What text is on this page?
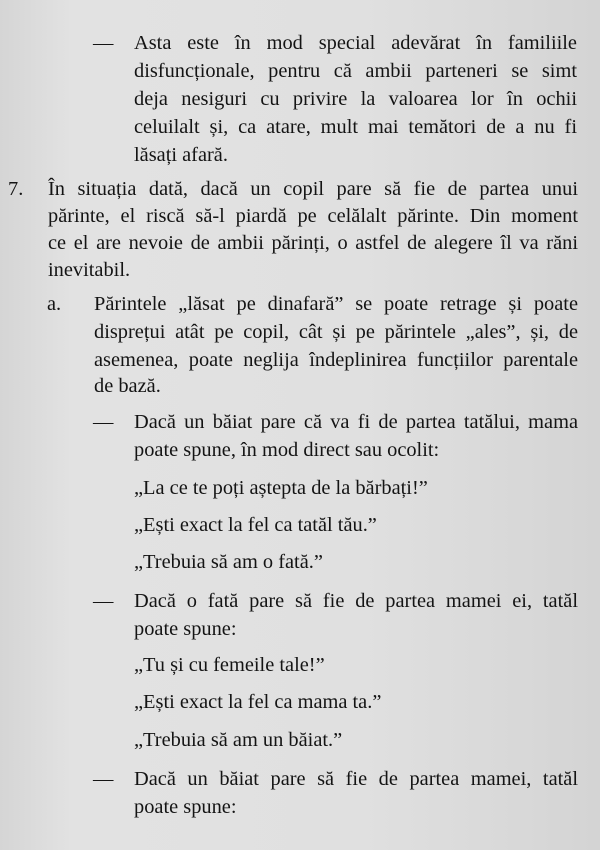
— Asta este în mod special adevărat în familiile
disfuncționale, pentru că ambii parteneri se simt
deja nesiguri cu privire la valoarea lor în ochii
celuilalt și, ca atare, mult mai temători de a nu fi
lăsați afară.
7. În situația dată, dacă un copil pare să fie de partea unui
părinte, el riscă să-l piardă pe celălalt părinte. Din moment
ce el are nevoie de ambii părinți, o astfel de alegere îl va răni
inevitabil.
a. Părintele „lăsat pe dinafară” se poate retrage și poate
disprețui atât pe copil, cât și pe părintele „ales”, și, de
asemenea, poate neglija îndeplinirea funcțiilor parentale
de bază.
— Dacă un băiat pare că va fi de partea tatălui, mama
poate spune, în mod direct sau ocolit:
„La ce te poți aștepta de la bărbați!”
„Ești exact la fel ca tatăl tău.”
„Trebuia să am o fată.”
— Dacă o fată pare să fie de partea mamei ei, tatăl
poate spune:
„Tu și cu femeile tale!”
„Ești exact la fel ca mama ta.”
„Trebuia să am un băiat.”
— Dacă un băiat pare să fie de partea mamei, tatăl
poate spune:
